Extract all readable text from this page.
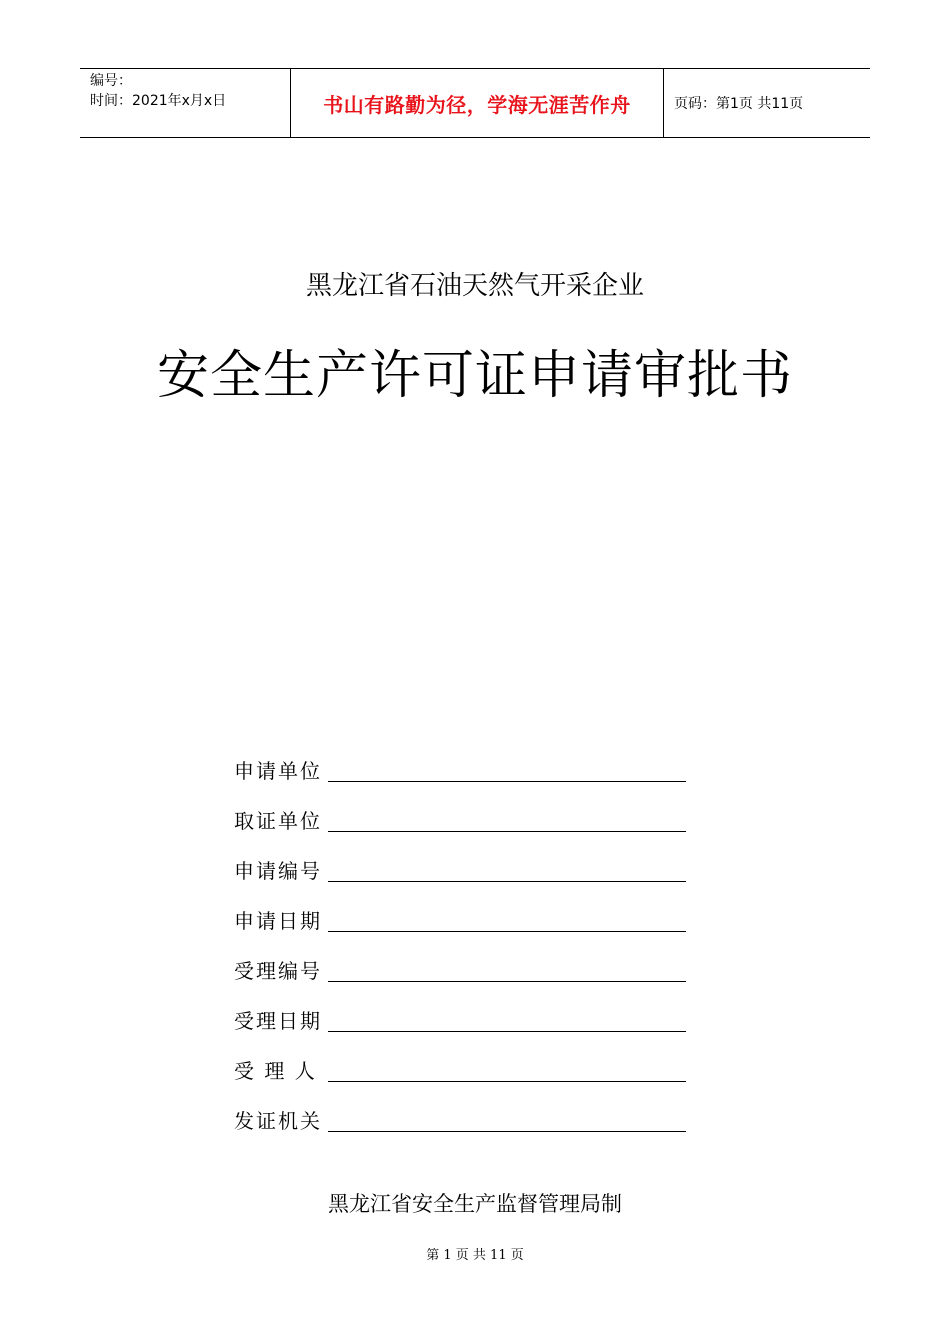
编号：
时间：2021年x月x日	书山有路勤为径，学海无涯苦作舟	页码：第1页 共11页
黑龙江省石油天然气开采企业
安全生产许可证申请审批书
申请单位
取证单位
申请编号
申请日期
受理编号
受理日期
受 理 人
发证机关
黑龙江省安全生产监督管理局制
第 1 页 共 11 页
